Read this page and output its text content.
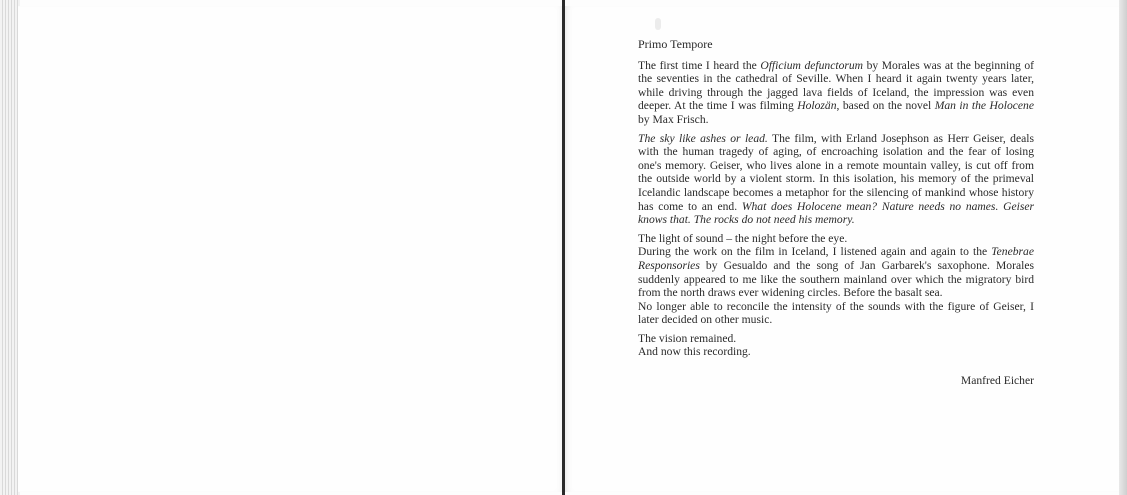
Primo Tempore

The first time I heard the Officium defunctorum by Morales was at the beginning of the seventies in the cathedral of Seville. When I heard it again twenty years later, while driving through the jagged lava fields of Iceland, the impression was even deeper. At the time I was filming Holozän, based on the novel Man in the Holocene by Max Frisch.

The sky like ashes or lead. The film, with Erland Josephson as Herr Geiser, deals with the human tragedy of aging, of encroaching isolation and the fear of losing one's memory. Geiser, who lives alone in a remote mountain valley, is cut off from the outside world by a violent storm. In this isolation, his memory of the primeval Icelandic landscape becomes a metaphor for the silencing of mankind whose history has come to an end. What does Holocene mean? Nature needs no names. Geiser knows that. The rocks do not need his memory.

The light of sound – the night before the eye.
During the work on the film in Iceland, I listened again and again to the Tenebrae Responsories by Gesualdo and the song of Jan Garbarek's saxophone. Morales suddenly appeared to me like the southern mainland over which the migratory bird from the north draws ever widening circles. Before the basalt sea.
No longer able to reconcile the intensity of the sounds with the figure of Geiser, I later decided on other music.

The vision remained.
And now this recording.

Manfred Eicher
